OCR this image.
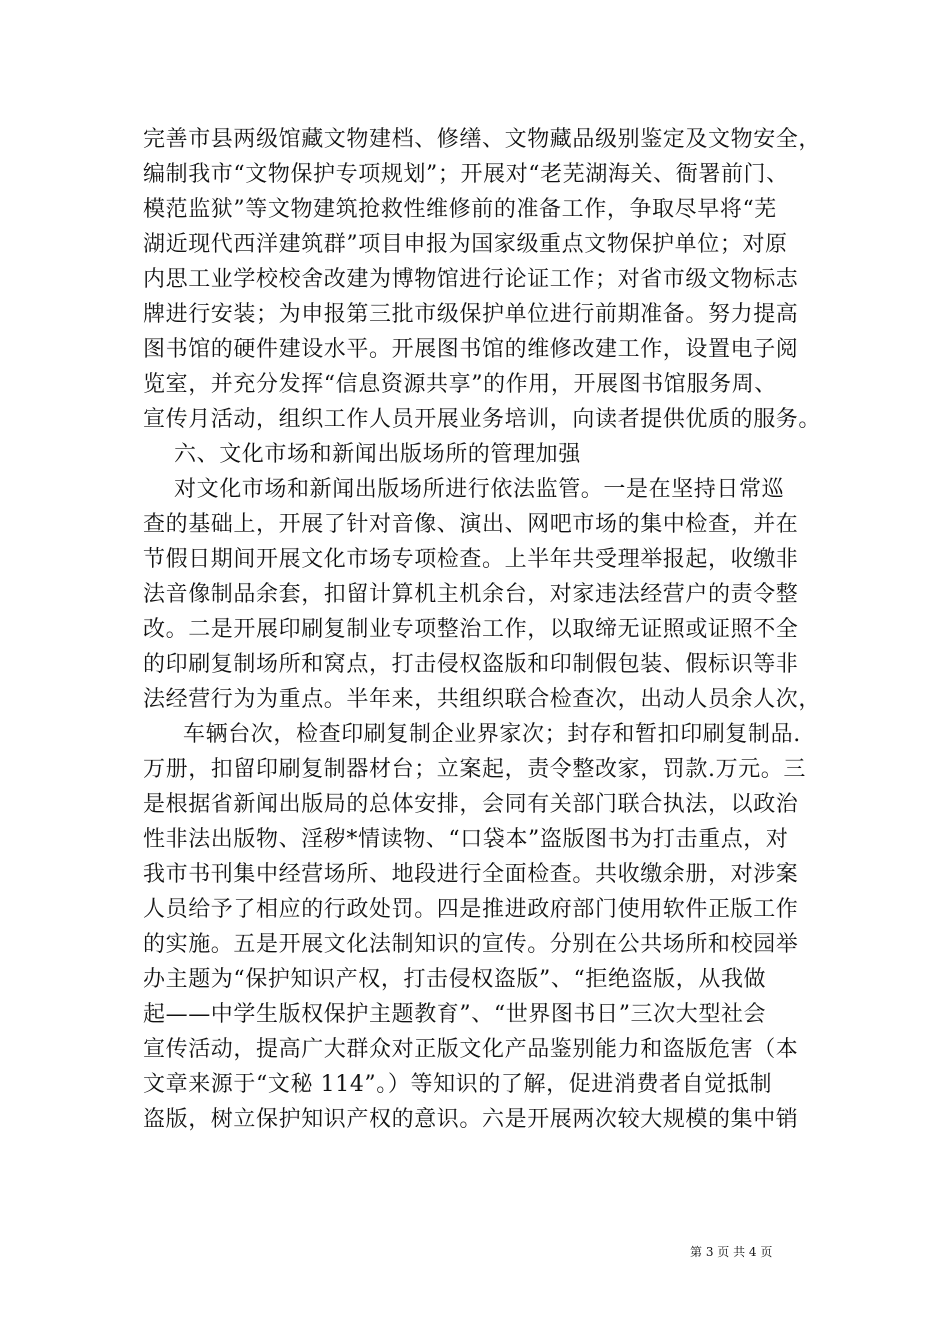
完善市县两级馆藏文物建档、修缮、文物藏品级别鉴定及文物安全，
编制我市“文物保护专项规划”；开展对“老芜湖海关、衙署前门、
模范监狱”等文物建筑抢救性维修前的准备工作，争取尽早将“芜
湖近现代西洋建筑群”项目申报为国家级重点文物保护单位；对原
内思工业学校校舍改建为博物馆进行论证工作；对省市级文物标志
牌进行安装；为申报第三批市级保护单位进行前期准备。努力提高
图书馆的硬件建设水平。开展图书馆的维修改建工作，设置电子阅
览室，并充分发挥“信息资源共享”的作用，开展图书馆服务周、
宣传月活动，组织工作人员开展业务培训，向读者提供优质的服务。
六、文化市场和新闻出版场所的管理加强
对文化市场和新闻出版场所进行依法监管。一是在坚持日常巡
查的基础上，开展了针对音像、演出、网吧市场的集中检查，并在
节假日期间开展文化市场专项检查。上半年共受理举报起，收缴非
法音像制品余套，扣留计算机主机余台，对家违法经营户的责令整
改。二是开展印刷复制业专项整治工作，以取缔无证照或证照不全
的印刷复制场所和窝点，打击侵权盗版和印制假包装、假标识等非
法经营行为为重点。半年来，共组织联合检查次，出动人员余人次，
车辆台次，检查印刷复制企业界家次；封存和暂扣印刷复制品.
万册，扣留印刷复制器材台；立案起，责令整改家，罚款.万元。三
是根据省新闻出版局的总体安排，会同有关部门联合执法，以政治
性非法出版物、淫秽*情读物、“口袋本”盗版图书为打击重点，对
我市书刊集中经营场所、地段进行全面检查。共收缴余册，对涉案
人员给予了相应的行政处罚。四是推进政府部门使用软件正版工作
的实施。五是开展文化法制知识的宣传。分别在公共场所和校园举
办主题为“保护知识产权，打击侵权盗版”、“拒绝盗版，从我做
起——中学生版权保护主题教育”、“世界图书日”三次大型社会
宣传活动，提高广大群众对正版文化产品鉴别能力和盗版危害（本
文章来源于“文秘 114”。）等知识的了解，促进消费者自觉抵制
盗版，树立保护知识产权的意识。六是开展两次较大规模的集中销
第 3 页 共 4 页
